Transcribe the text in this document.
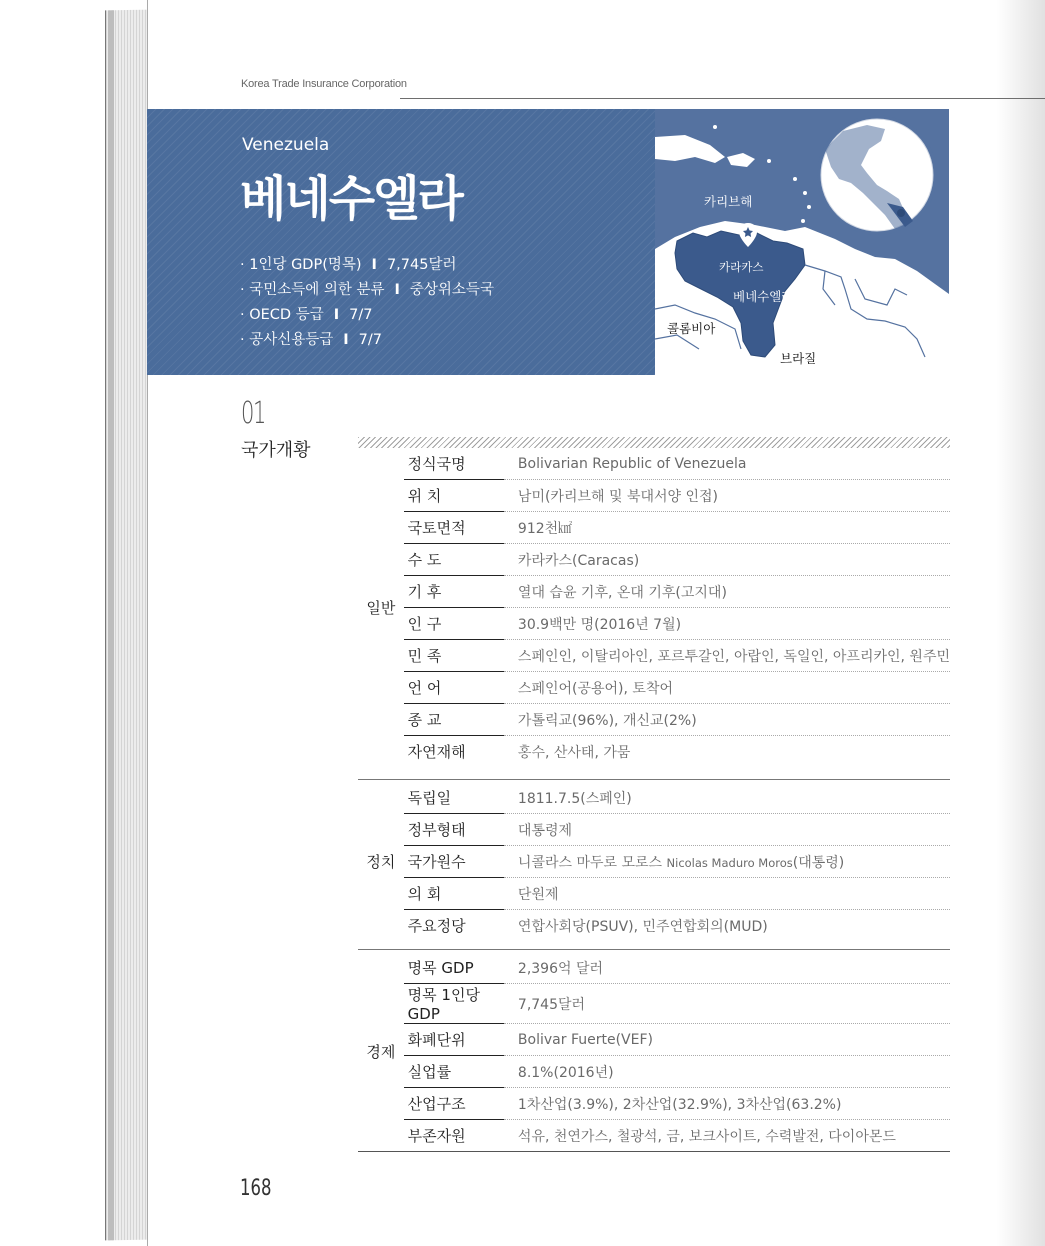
Korea Trade Insurance Corporation
Venezuela
베네수엘라
· 1인당 GDP(명목) I 7,745달러
· 국민소득에 의한 분류 I 중상위소득국
· OECD 등급 I 7/7
· 공사신용등급 I 7/7
카리브해
카라카스	대서양
베네수엘라
콜롬비아
브라질
01
국가개황
일반	정식국명	Bolivarian Republic of Venezuela
	위 치	남미(카리브해 및 북대서양 인접)
	국토면적	912천㎢
	수 도	카라카스(Caracas)
	기 후	열대 습윤 기후, 온대 기후(고지대)
	인 구	30.9백만 명(2016년 7월)
	민 족	스페인인, 이탈리아인, 포르투갈인, 아랍인, 독일인, 아프리카인, 원주민
	언 어	스페인어(공용어), 토착어
	종 교	가톨릭교(96%), 개신교(2%)
	자연재해	홍수, 산사태, 가뭄

정치	독립일	1811.7.5(스페인)
	정부형태	대통령제
	국가원수	니콜라스 마두로 모로스 Nicolas Maduro Moros(대통령)
	의 회	단원제
	주요정당	연합사회당(PSUV), 민주연합회의(MUD)

경제	명목 GDP	2,396억 달러
	명목 1인당 GDP	7,745달러
	화폐단위	Bolivar Fuerte(VEF)
	실업률	8.1%(2016년)
	산업구조	1차산업(3.9%), 2차산업(32.9%), 3차산업(63.2%)
	부존자원	석유, 천연가스, 철광석, 금, 보크사이트, 수력발전, 다이아몬드

168
